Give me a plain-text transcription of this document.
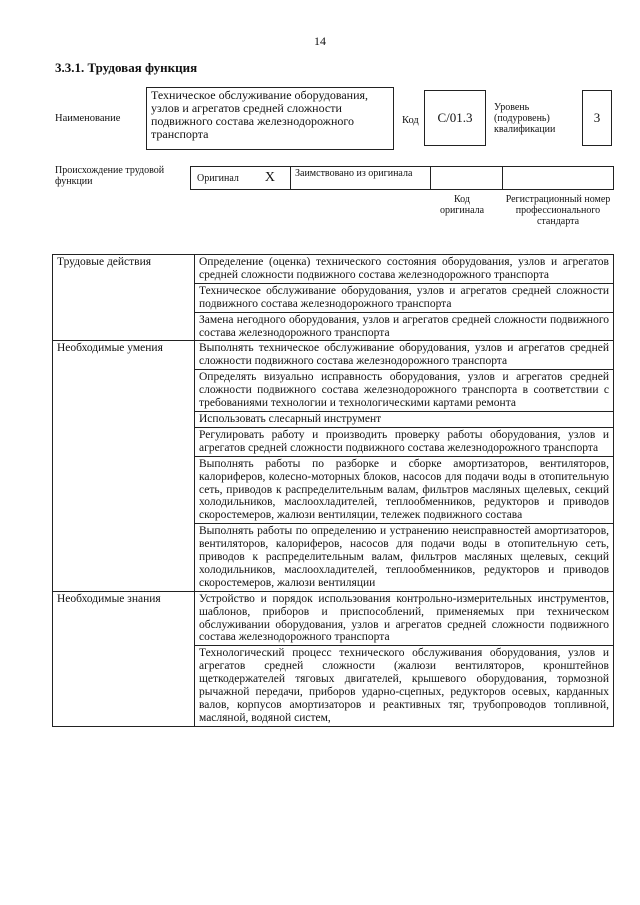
14
3.3.1. Трудовая функция
Наименование
Техническое обслуживание оборудования, узлов и агрегатов средней сложности подвижного состава железнодорожного транспорта
Код C/01.3
Уровень (подуровень) квалификации
3
Происхождение трудовой функции	Оригинал X	Заимствовано из оригинала
Код оригинала
Регистрационный номер профессионального стандарта
Трудовые действия	Определение (оценка) технического состояния оборудования, узлов и агрегатов средней сложности подвижного состава железнодорожного транспорта
	Техническое обслуживание оборудования, узлов и агрегатов средней сложности подвижного состава железнодорожного транспорта
	Замена негодного оборудования, узлов и агрегатов средней сложности подвижного состава железнодорожного транспорта
Необходимые умения	Выполнять техническое обслуживание оборудования, узлов и агрегатов средней сложности подвижного состава железнодорожного транспорта
	Определять визуально исправность оборудования, узлов и агрегатов средней сложности подвижного состава железнодорожного транспорта в соответствии с требованиями технологии и технологическими картами ремонта
	Использовать слесарный инструмент
	Регулировать работу и производить проверку работы оборудования, узлов и агрегатов средней сложности подвижного состава железнодорожного транспорта
	Выполнять работы по разборке и сборке амортизаторов, вентиляторов, калориферов, колесно-моторных блоков, насосов для подачи воды в отопительную сеть, приводов к распределительным валам, фильтров масляных щелевых, секций холодильников, маслоохладителей, теплообменников, редукторов и приводов скоростемеров, жалюзи вентиляции, тележек подвижного состава
	Выполнять работы по определению и устранению неисправностей амортизаторов, вентиляторов, калориферов, насосов для подачи воды в отопительную сеть, приводов к распределительным валам, фильтров масляных щелевых, секций холодильников, маслоохладителей, теплообменников, редукторов и приводов скоростемеров, жалюзи вентиляции
Необходимые знания	Устройство и порядок использования контрольно-измерительных инструментов, шаблонов, приборов и приспособлений, применяемых при техническом обслуживании оборудования, узлов и агрегатов средней сложности подвижного состава железнодорожного транспорта
	Технологический процесс технического обслуживания оборудования, узлов и агрегатов средней сложности (жалюзи вентиляторов, кронштейнов щеткодержателей тяговых двигателей, крышевого оборудования, тормозной рычажной передачи, приборов ударно-сцепных, редукторов осевых, карданных валов, корпусов амортизаторов и реактивных тяг, трубопроводов топливной, масляной, водяной систем,
